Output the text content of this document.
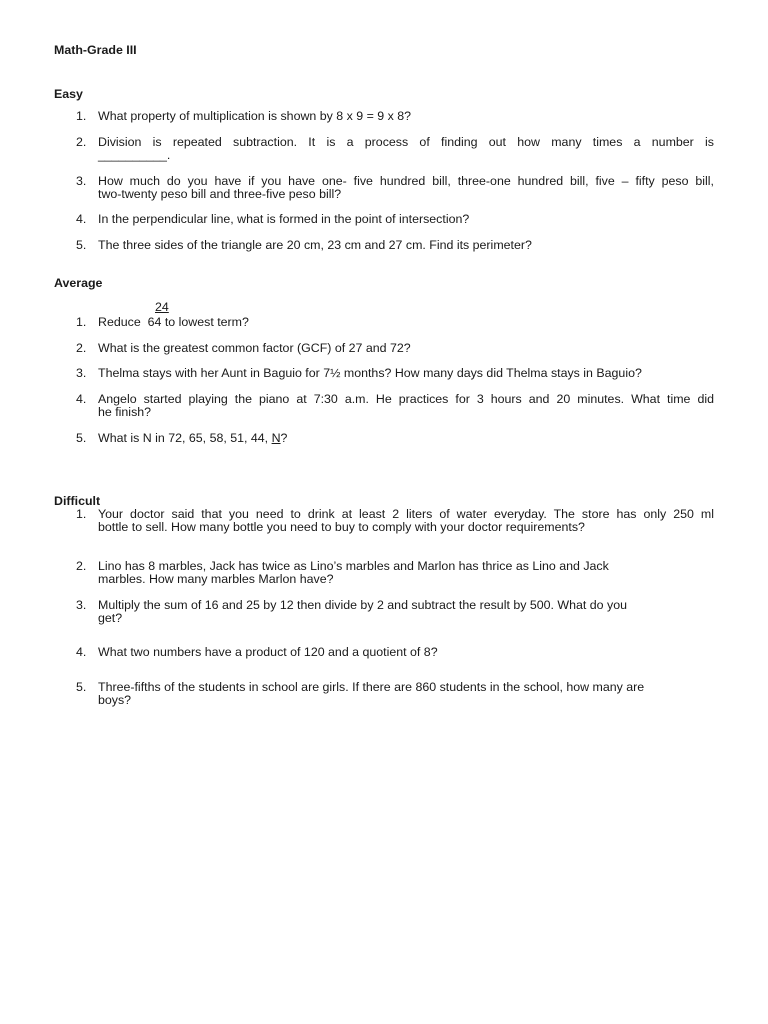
Math-Grade III
Easy
1. What property of multiplication is shown by 8 x 9 = 9 x 8?
2. Division is repeated subtraction. It is a process of finding out how many times a number is
__________.
3. How much do you have if you have one- five hundred bill, three-one hundred bill, five – fifty peso bill,
two-twenty peso bill and three-five peso bill?
4. In the perpendicular line, what is formed in the point of intersection?
5. The three sides of the triangle are 20 cm, 23 cm and 27 cm. Find its perimeter?
Average
24
1. Reduce 64 to lowest term?
2. What is the greatest common factor (GCF) of 27 and 72?
3. Thelma stays with her Aunt in Baguio for 7½ months? How many days did Thelma stays in Baguio?
4. Angelo started playing the piano at 7:30 a.m. He practices for 3 hours and 20 minutes. What time did
he finish?
5. What is N in 72, 65, 58, 51, 44, N?
Difficult
1. Your doctor said that you need to drink at least 2 liters of water everyday. The store has only 250 ml
bottle to sell. How many bottle you need to buy to comply with your doctor requirements?
2. Lino has 8 marbles, Jack has twice as Lino’s marbles and Marlon has thrice as Lino and Jack
marbles. How many marbles Marlon have?
3. Multiply the sum of 16 and 25 by 12 then divide by 2 and subtract the result by 500. What do you
get?
4. What two numbers have a product of 120 and a quotient of 8?
5. Three-fifths of the students in school are girls. If there are 860 students in the school, how many are
boys?
